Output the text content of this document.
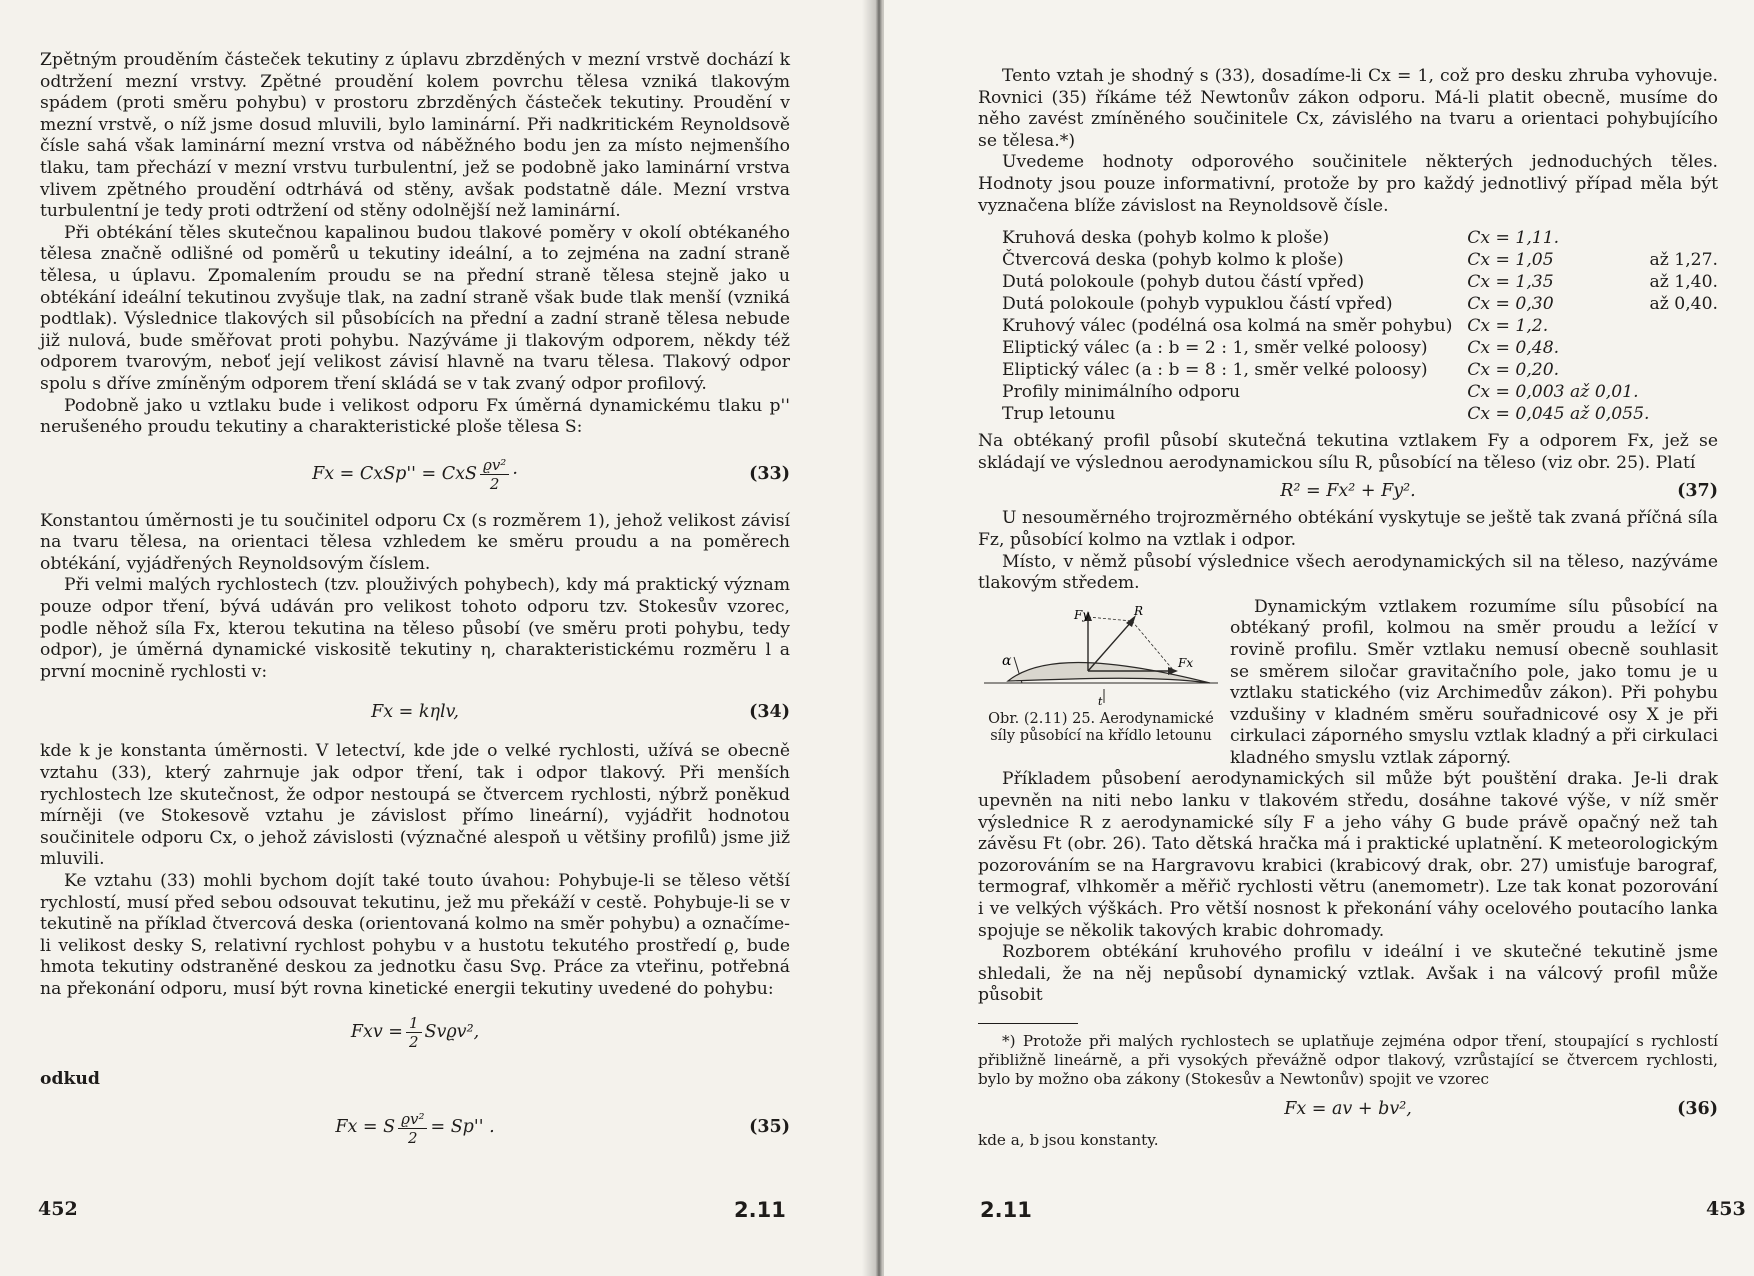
Zpětným prouděním částeček tekutiny z úplavu zbrzděných v mezní vrstvě dochází k odtržení mezní vrstvy. Zpětné proudění kolem povrchu tělesa vzniká tlakovým spádem (proti směru pohybu) v prostoru zbrzděných částeček tekutiny. Proudění v mezní vrstvě, o níž jsme dosud mluvili, bylo laminární. Při nadkritickém Reynoldsově čísle sahá však laminární mezní vrstva od náběžného bodu jen za místo nejmenšího tlaku, tam přechází v mezní vrstvu turbulentní, jež se podobně jako laminární vrstva vlivem zpětného proudění odtrhává od stěny, avšak podstatně dále. Mezní vrstva turbulentní je tedy proti odtržení od stěny odolnější než laminární.

Při obtékání těles skutečnou kapalinou budou tlakové poměry v okolí obtékaného tělesa značně odlišné od poměrů u tekutiny ideální, a to zejména na zadní straně tělesa, u úplavu. Zpomalením proudu se na přední straně tělesa stejně jako u obtékání ideální tekutinou zvyšuje tlak, na zadní straně však bude tlak menší (vzniká podtlak). Výslednice tlakových sil působících na přední a zadní straně tělesa nebude již nulová, bude směřovat proti pohybu. Nazýváme ji tlakovým odporem, někdy též odporem tvarovým, neboť její velikost závisí hlavně na tvaru tělesa. Tlakový odpor spolu s dříve zmíněným odporem tření skládá se v tak zvaný odpor profilový.

Podobně jako u vztlaku bude i velikost odporu Fx úměrná dynamickému tlaku p'' nerušeného proudu tekutiny a charakteristické ploše tělesa S:

Fx = CxSp'' = CxS $\frac{\text{ϱv²}}{2}$ ·	(33)

Konstantou úměrnosti je tu součinitel odporu Cx (s rozměrem 1), jehož velikost závisí na tvaru tělesa, na orientaci tělesa vzhledem ke směru proudu a na poměrech obtékání, vyjádřených Reynoldsovým číslem.

Při velmi malých rychlostech (tzv. plouživých pohybech), kdy má praktický význam pouze odpor tření, bývá udáván pro velikost tohoto odporu tzv. Stokesův vzorec, podle něhož síla Fx, kterou tekutina na těleso působí (ve směru proti pohybu, tedy odpor), je úměrná dynamické viskositě tekutiny η, charakteristickému rozměru l a první mocnině rychlosti v:

Fx = kηlv,	(34)

kde k je konstanta úměrnosti. V letectví, kde jde o velké rychlosti, užívá se obecně vztahu (33), který zahrnuje jak odpor tření, tak i odpor tlakový. Při menších rychlostech lze skutečnost, že odpor nestoupá se čtvercem rychlosti, nýbrž poněkud mírněji (ve Stokesově vztahu je závislost přímo lineární), vyjádřit hodnotou součinitele odporu Cx, o jehož závislosti (význačné alespoň u většiny profilů) jsme již mluvili.

Ke vztahu (33) mohli bychom dojít také touto úvahou: Pohybuje-li se těleso větší rychlostí, musí před sebou odsouvat tekutinu, jež mu překáží v cestě. Pohybuje-li se v tekutině na příklad čtvercová deska (orientovaná kolmo na směr pohybu) a označíme-li velikost desky S, relativní rychlost pohybu v a hustotu tekutého prostředí ϱ, bude hmota tekutiny odstraněné deskou za jednotku času Svϱ. Práce za vteřinu, potřebná na překonání odporu, musí být rovna kinetické energii tekutiny uvedené do pohybu:

Fxv = $\frac{1}{2} Svϱv^2$,

odkud

Fx = S $\frac{\text{ϱv²}}{2} = Sp''$ .	(35)
452	2.11

Tento vztah je shodný s (33), dosadíme-li Cx = 1, což pro desku zhruba vyhovuje. Rovnici (35) říkáme též Newtonův zákon odporu. Má-li platit obecně, musíme do něho zavést zmíněného součinitele Cx, závislého na tvaru a orientaci pohybujícího se tělesa.*)

Uvedeme hodnoty odporového součinitele některých jednoduchých těles. Hodnoty jsou pouze informativní, protože by pro každý jednotlivý případ měla být vyznačena blíže závislost na Reynoldsově čísle.

Kruhová deska (pohyb kolmo k ploše)	Cx = 1,11.	
Čtvercová deska (pohyb kolmo k ploše)	Cx = 1,05	až 1,27.
Dutá polokoule (pohyb dutou částí vpřed)	Cx = 1,35	až 1,40.
Dutá polokoule (pohyb vypuklou částí vpřed)	Cx = 0,30	až 0,40.
Kruhový válec (podélná osa kolmá na směr pohybu)	Cx = 1,2.	
Eliptický válec (a : b = 2 : 1, směr velké poloosy)	Cx = 0,48.	
Eliptický válec (a : b = 8 : 1, směr velké poloosy)	Cx = 0,20.	
Profily minimálního odporu	Cx = 0,003 až 0,01.	
Trup letounu	Cx = 0,045 až 0,055.	

Na obtékaný profil působí skutečná tekutina vztlakem Fy a odporem Fx, jež se skládají ve výslednou aerodynamickou sílu R, působící na těleso (viz obr. 25). Platí

R² = Fx² + Fy².	(37)

U nesouměrného trojrozměrného obtékání vyskytuje se ještě tak zvaná příčná síla Fz, působící kolmo na vztlak i odpor.

Místo, v němž působí výslednice všech aerodynamických sil na těleso, nazýváme tlakovým středem.

α
Fy	R
Fx
t
Obr. (2.11) 25. Aerodynamické síly působící na křídlo letounu

Dynamickým vztlakem rozumíme sílu působící na obtékaný profil, kolmou na směr proudu a ležící v rovině profilu. Směr vztlaku nemusí obecně souhlasit se směrem siločar gravitačního pole, jako tomu je u vztlaku statického (viz Archimedův zákon). Při pohybu vzdušiny v kladném směru souřadnicové osy X je při cirkulaci záporného smyslu vztlak kladný a při cirkulaci kladného smyslu vztlak záporný.

Příkladem působení aerodynamických sil může být pouštění draka. Je-li drak upevněn na niti nebo lanku v tlakovém středu, dosáhne takové výše, v níž směr výslednice R z aerodynamické síly F a jeho váhy G bude právě opačný než tah závěsu Ft (obr. 26). Tato dětská hračka má i praktické uplatnění. K meteorologickým pozorováním se na Hargravovu krabici (krabicový drak, obr. 27) umisťuje barograf, termograf, vlhkoměr a měřič rychlosti větru (anemometr). Lze tak konat pozorování i ve velkých výškách. Pro větší nosnost k překonání váhy ocelového poutacího lanka spojuje se několik takových krabic dohromady.

Rozborem obtékání kruhového profilu v ideální i ve skutečné tekutině jsme shledali, že na něj nepůsobí dynamický vztlak. Avšak i na válcový profil může působit

*) Protože při malých rychlostech se uplatňuje zejména odpor tření, stoupající s rychlostí přibližně lineárně, a při vysokých převážně odpor tlakový, vzrůstající se čtvercem rychlosti, bylo by možno oba zákony (Stokesův a Newtonův) spojit ve vzorec

Fx = av + bv²,	(36)

kde a, b jsou konstanty.

2.11	453
